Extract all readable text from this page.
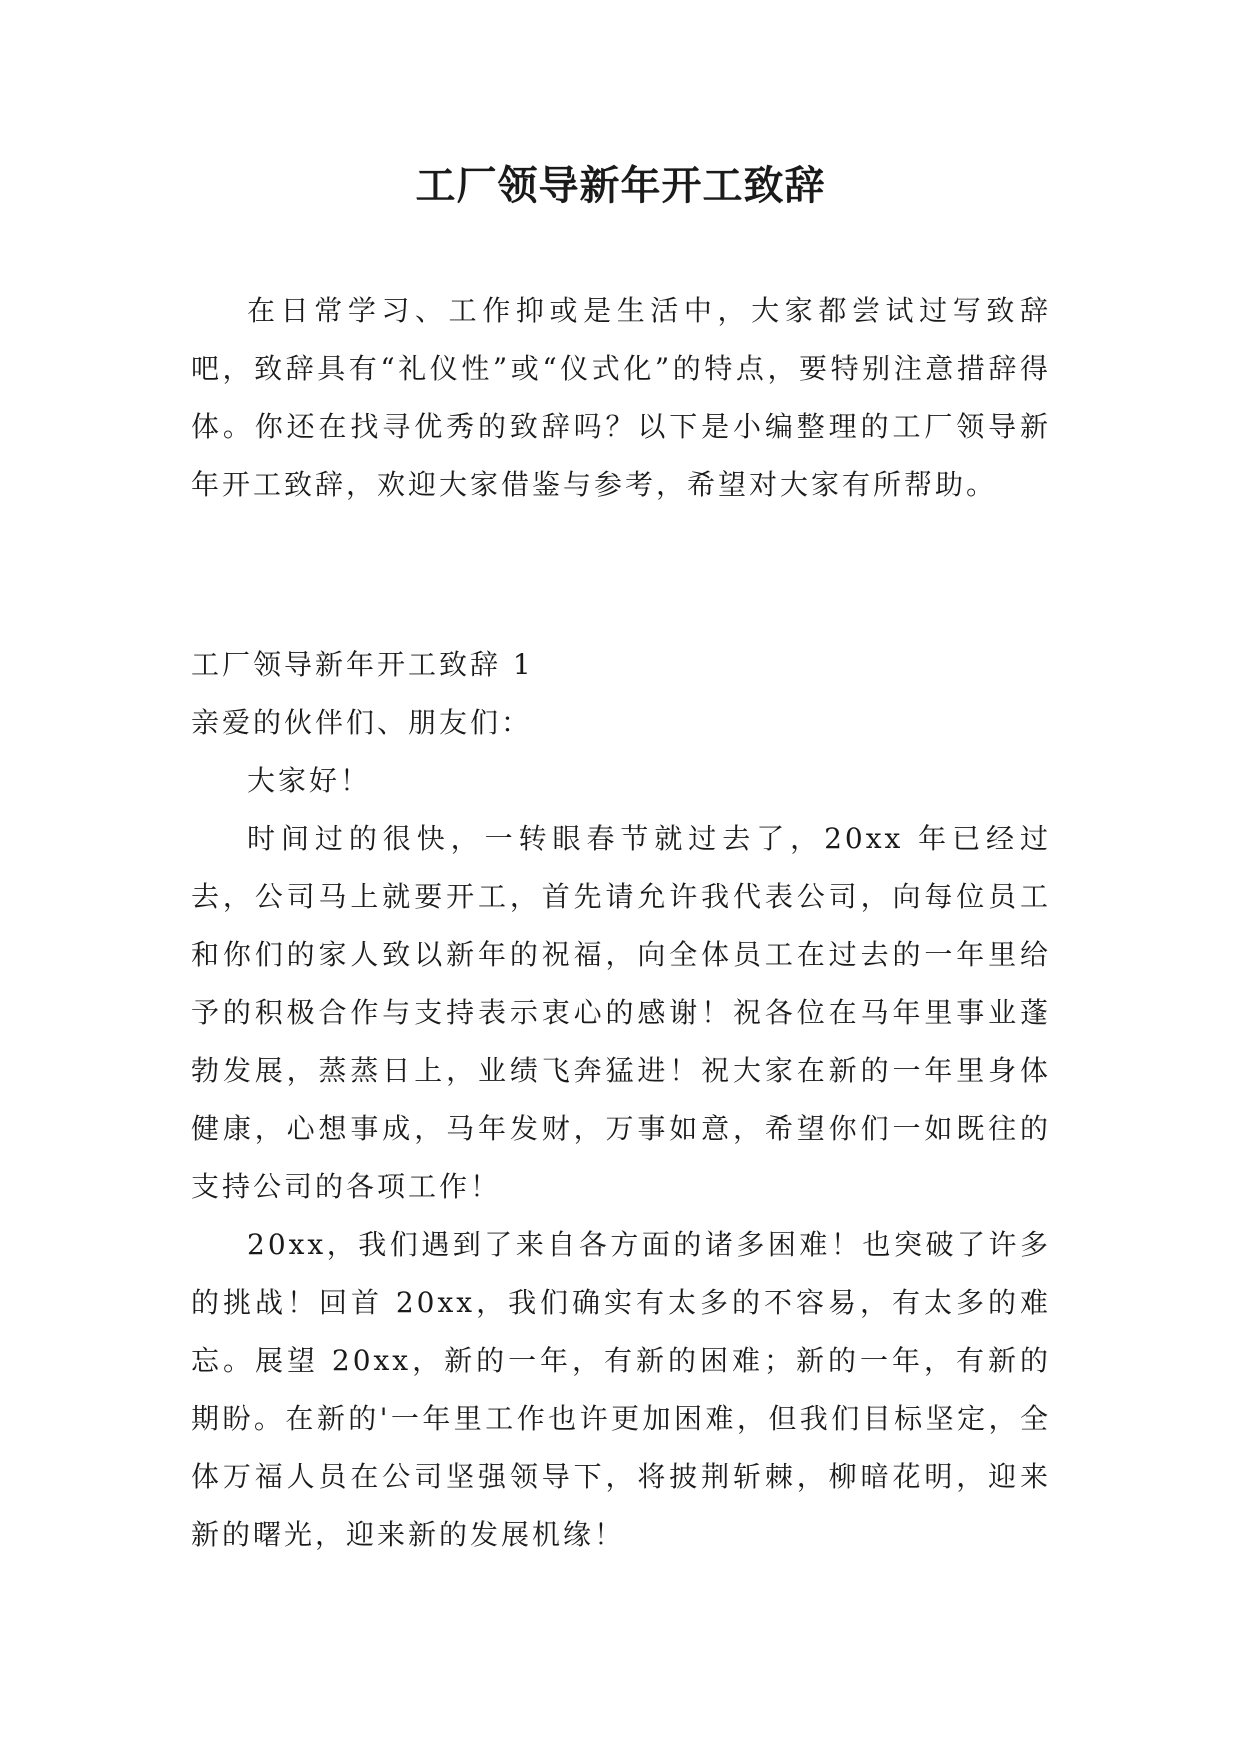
工厂领导新年开工致辞

在日常学习、工作抑或是生活中，大家都尝试过写致辞吧，致辞具有“礼仪性”或“仪式化”的特点，要特别注意措辞得体。你还在找寻优秀的致辞吗？以下是小编整理的工厂领导新年开工致辞，欢迎大家借鉴与参考，希望对大家有所帮助。

工厂领导新年开工致辞 1

亲爱的伙伴们、朋友们：

大家好！

时间过的很快，一转眼春节就过去了，20xx 年已经过去，公司马上就要开工，首先请允许我代表公司，向每位员工和你们的家人致以新年的祝福，向全体员工在过去的一年里给予的积极合作与支持表示衷心的感谢！祝各位在马年里事业蓬勃发展，蒸蒸日上，业绩飞奔猛进！祝大家在新的一年里身体健康，心想事成，马年发财，万事如意，希望你们一如既往的支持公司的各项工作！

20xx，我们遇到了来自各方面的诸多困难！也突破了许多的挑战！回首 20xx，我们确实有太多的不容易，有太多的难忘。展望 20xx，新的一年，有新的困难；新的一年，有新的期盼。在新的'一年里工作也许更加困难，但我们目标坚定，全体万福人员在公司坚强领导下，将披荆斩棘，柳暗花明，迎来新的曙光，迎来新的发展机缘！
